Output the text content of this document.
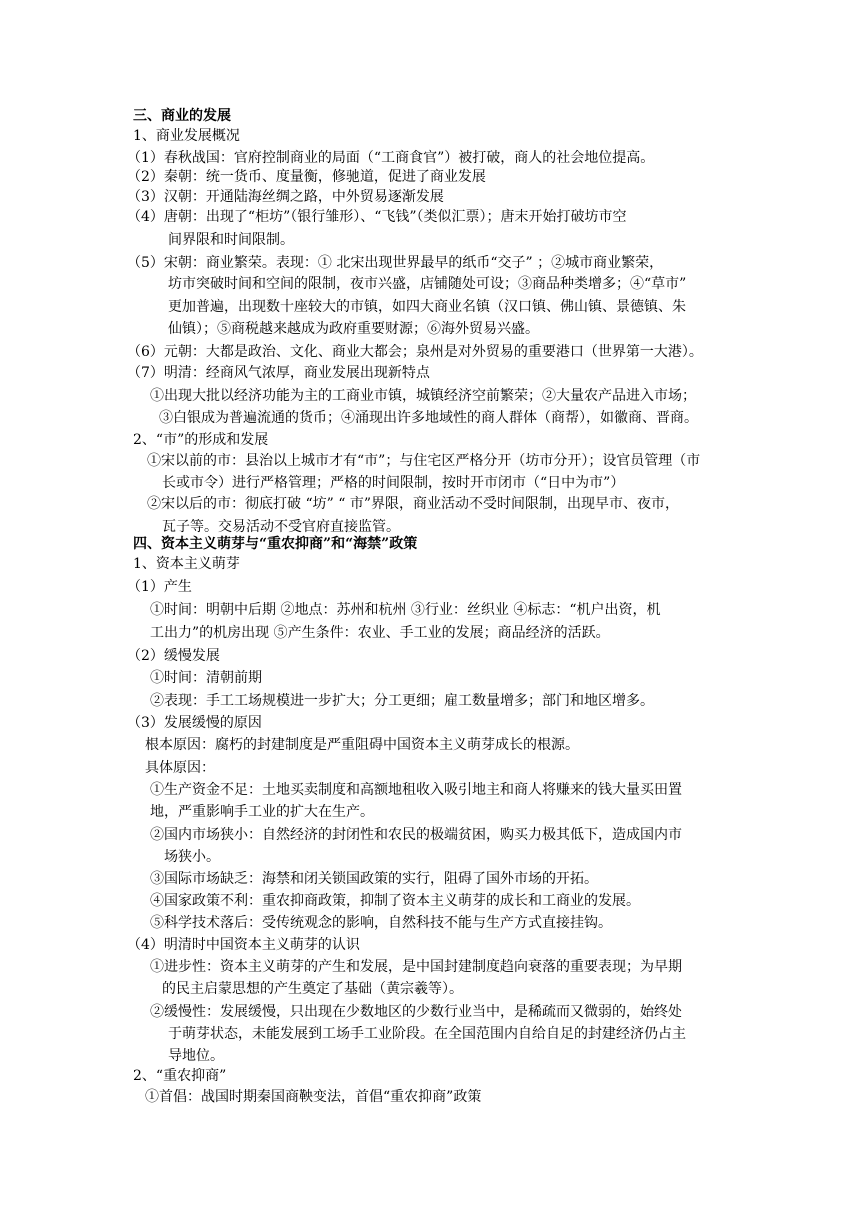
三、商业的发展
1、商业发展概况
（1）春秋战国：官府控制商业的局面（“工商食官”）被打破，商人的社会地位提高。
（2）秦朝：统一货币、度量衡，修驰道，促进了商业发展
（3）汉朝：开通陆海丝绸之路，中外贸易逐渐发展
（4）唐朝：出现了“柜坊”（银行雏形）、“飞钱”（类似汇票）；唐末开始打破坊市空
间界限和时间限制。
（5）宋朝：商业繁荣。表现：① 北宋出现世界最早的纸币“交子” ；②城市商业繁荣，
坊市突破时间和空间的限制，夜市兴盛，店铺随处可设；③商品种类增多；④“草市”
更加普遍，出现数十座较大的市镇，如四大商业名镇（汉口镇、佛山镇、景德镇、朱
仙镇）；⑤商税越来越成为政府重要财源；⑥海外贸易兴盛。
（6）元朝：大都是政治、文化、商业大都会；泉州是对外贸易的重要港口（世界第一大港）。
（7）明清：经商风气浓厚，商业发展出现新特点
①出现大批以经济功能为主的工商业市镇，城镇经济空前繁荣；②大量农产品进入市场；
③白银成为普遍流通的货币；④涌现出许多地域性的商人群体（商帮），如徽商、晋商。
2、“市”的形成和发展
①宋以前的市：县治以上城市才有“市”；与住宅区严格分开（坊市分开）；设官员管理（市
长或市令）进行严格管理；严格的时间限制，按时开市闭市（“日中为市”）
②宋以后的市：彻底打破 “坊” “ 市”界限，商业活动不受时间限制，出现早市、夜市，
瓦子等。交易活动不受官府直接监管。
四、资本主义萌芽与“重农抑商”和“海禁”政策
1、资本主义萌芽
（1）产生
①时间：明朝中后期 ②地点：苏州和杭州 ③行业：丝织业 ④标志：“机户出资，机
工出力”的机房出现 ⑤产生条件：农业、手工业的发展；商品经济的活跃。
（2）缓慢发展
①时间：清朝前期
②表现：手工工场规模进一步扩大；分工更细；雇工数量增多；部门和地区增多。
（3）发展缓慢的原因
根本原因：腐朽的封建制度是严重阻碍中国资本主义萌芽成长的根源。
具体原因：
①生产资金不足：土地买卖制度和高额地租收入吸引地主和商人将赚来的钱大量买田置
地，严重影响手工业的扩大在生产。
②国内市场狭小：自然经济的封闭性和农民的极端贫困，购买力极其低下，造成国内市
场狭小。
③国际市场缺乏：海禁和闭关锁国政策的实行，阻碍了国外市场的开拓。
④国家政策不利：重农抑商政策，抑制了资本主义萌芽的成长和工商业的发展。
⑤科学技术落后：受传统观念的影响，自然科技不能与生产方式直接挂钩。
（4）明清时中国资本主义萌芽的认识
①进步性：资本主义萌芽的产生和发展，是中国封建制度趋向衰落的重要表现；为早期
的民主启蒙思想的产生奠定了基础（黄宗羲等）。
②缓慢性：发展缓慢，只出现在少数地区的少数行业当中，是稀疏而又微弱的，始终处
于萌芽状态，未能发展到工场手工业阶段。在全国范围内自给自足的封建经济仍占主
导地位。
2、“重农抑商”
①首倡：战国时期秦国商鞅变法，首倡“重农抑商”政策
